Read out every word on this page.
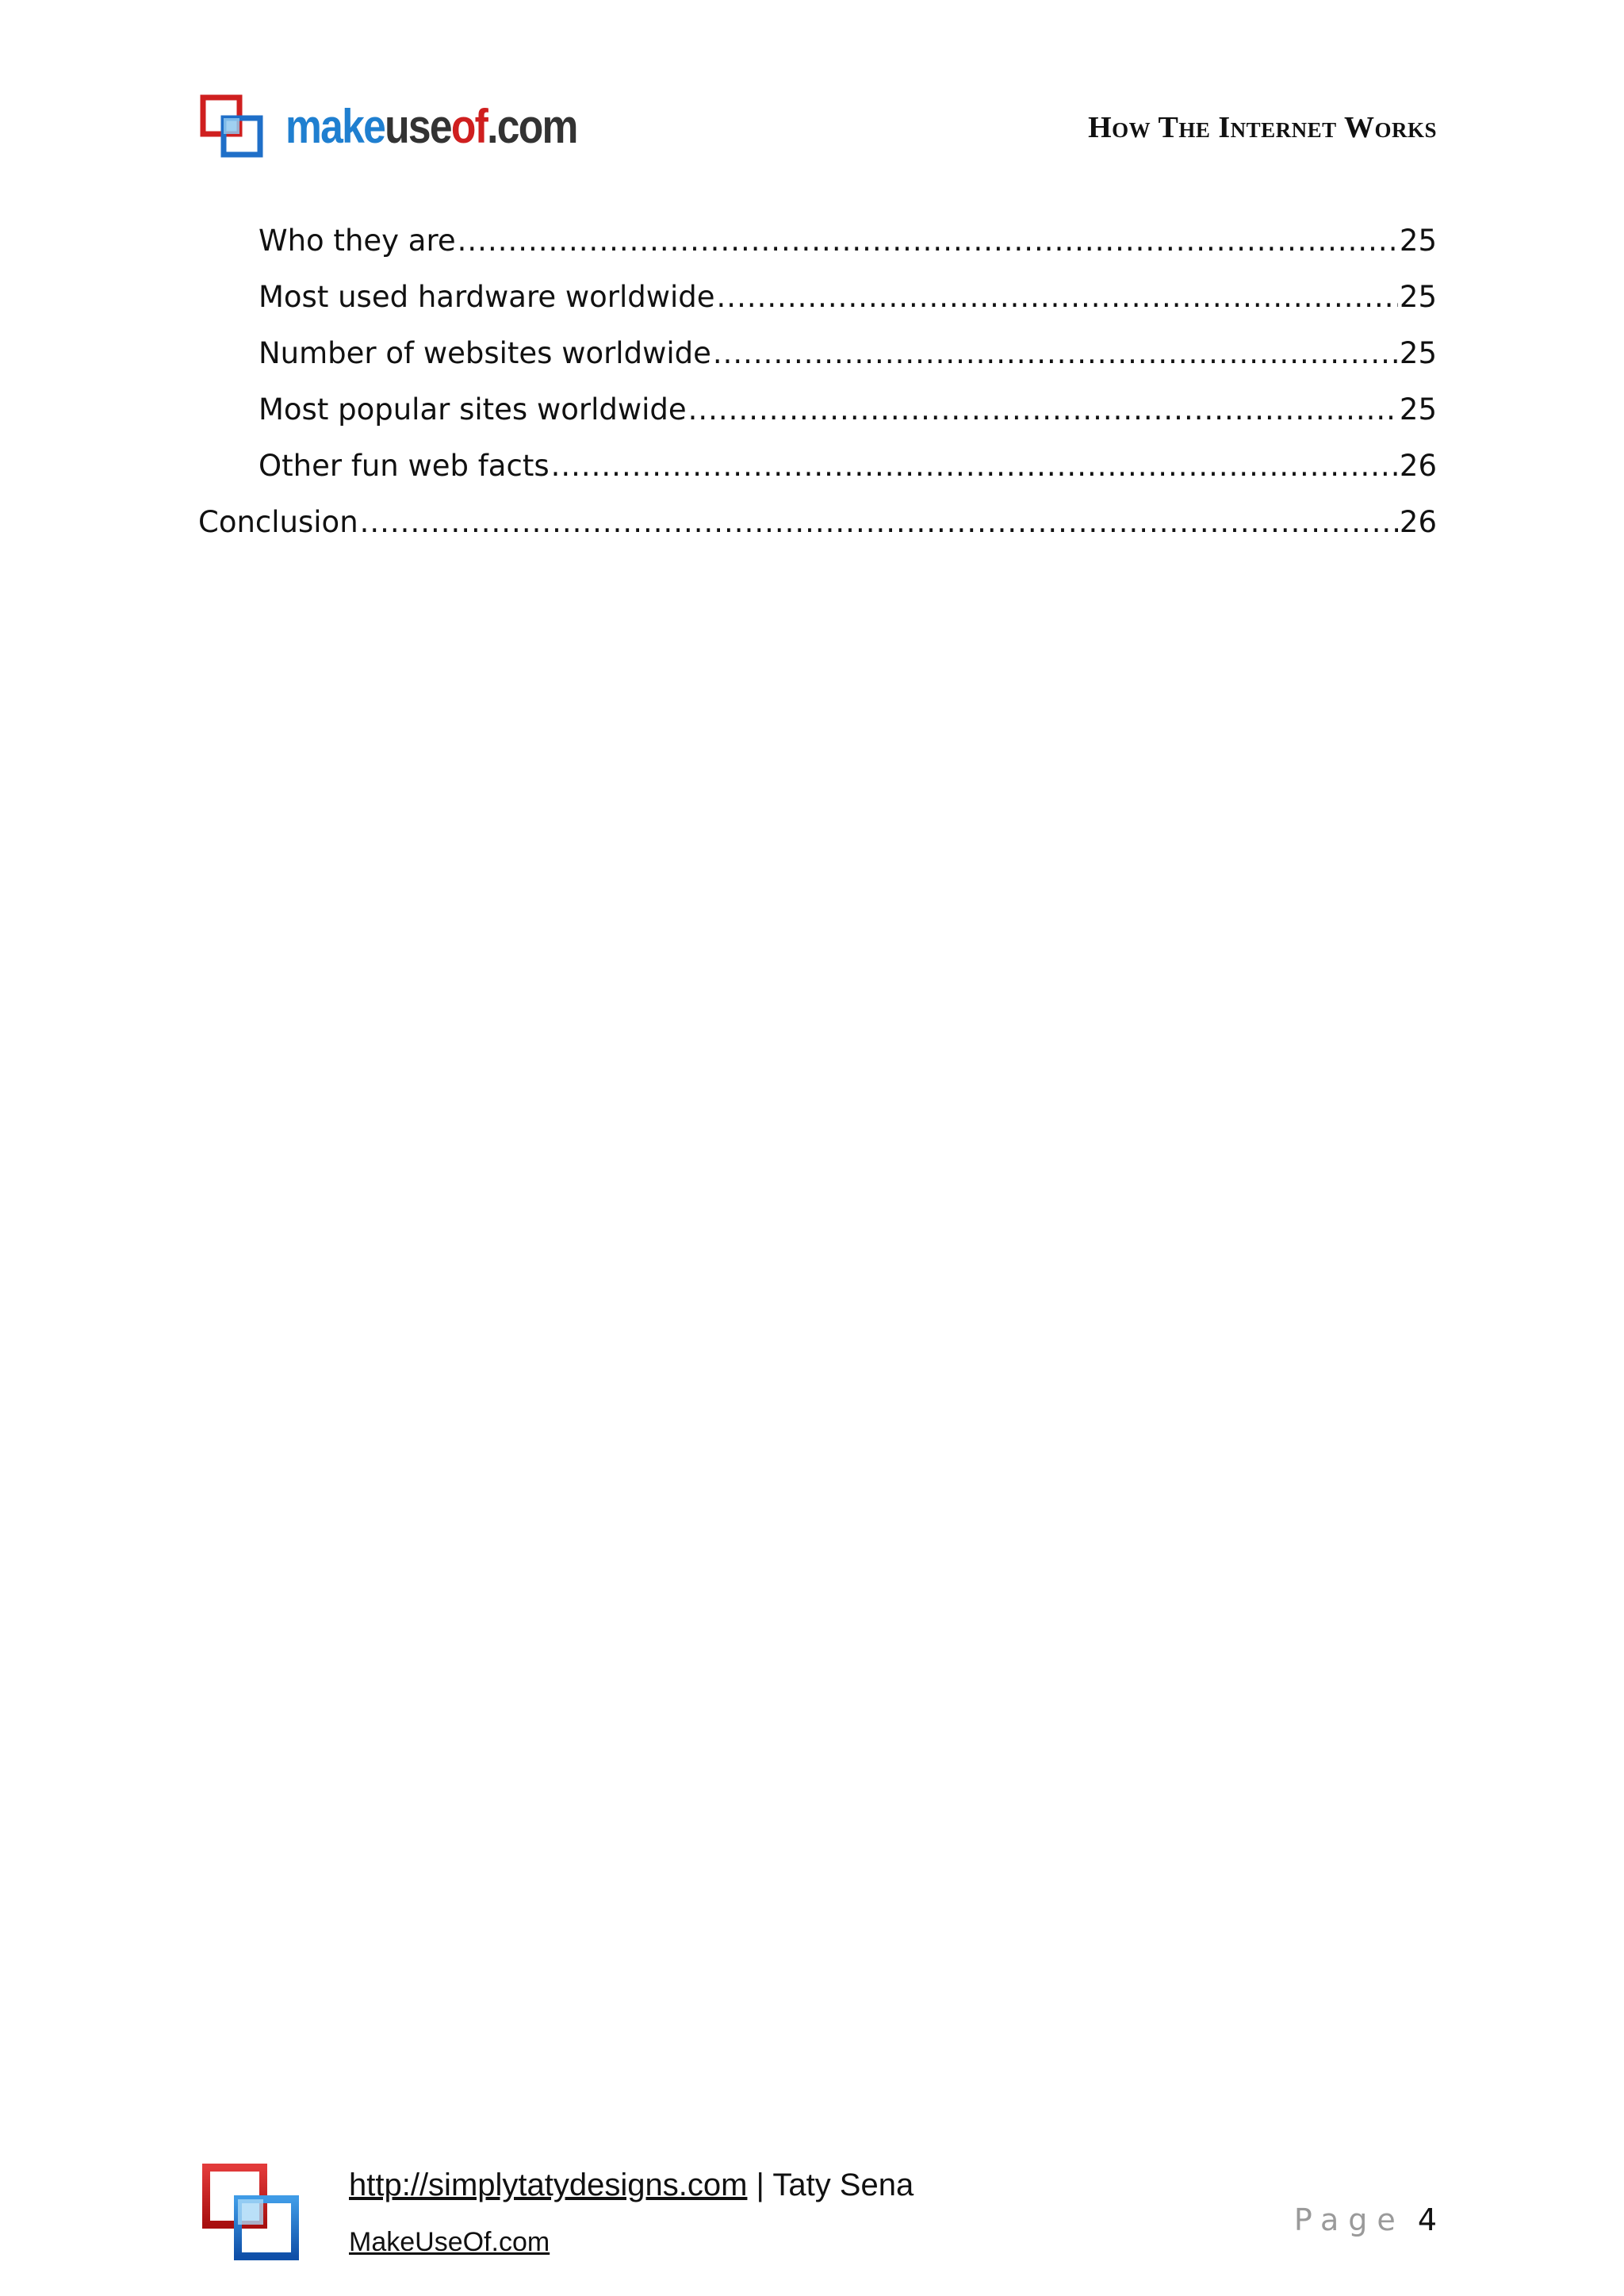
makeuseof.com	How The Internet Works
Who they are .....	25
Most used hardware worldwide .....	25
Number of websites worldwide .....	25
Most popular sites worldwide .....	25
Other fun web facts .....	26
Conclusion .....	26
http://simplytatydesigns.com | Taty Sena
MakeUseOf.com
Page 4
